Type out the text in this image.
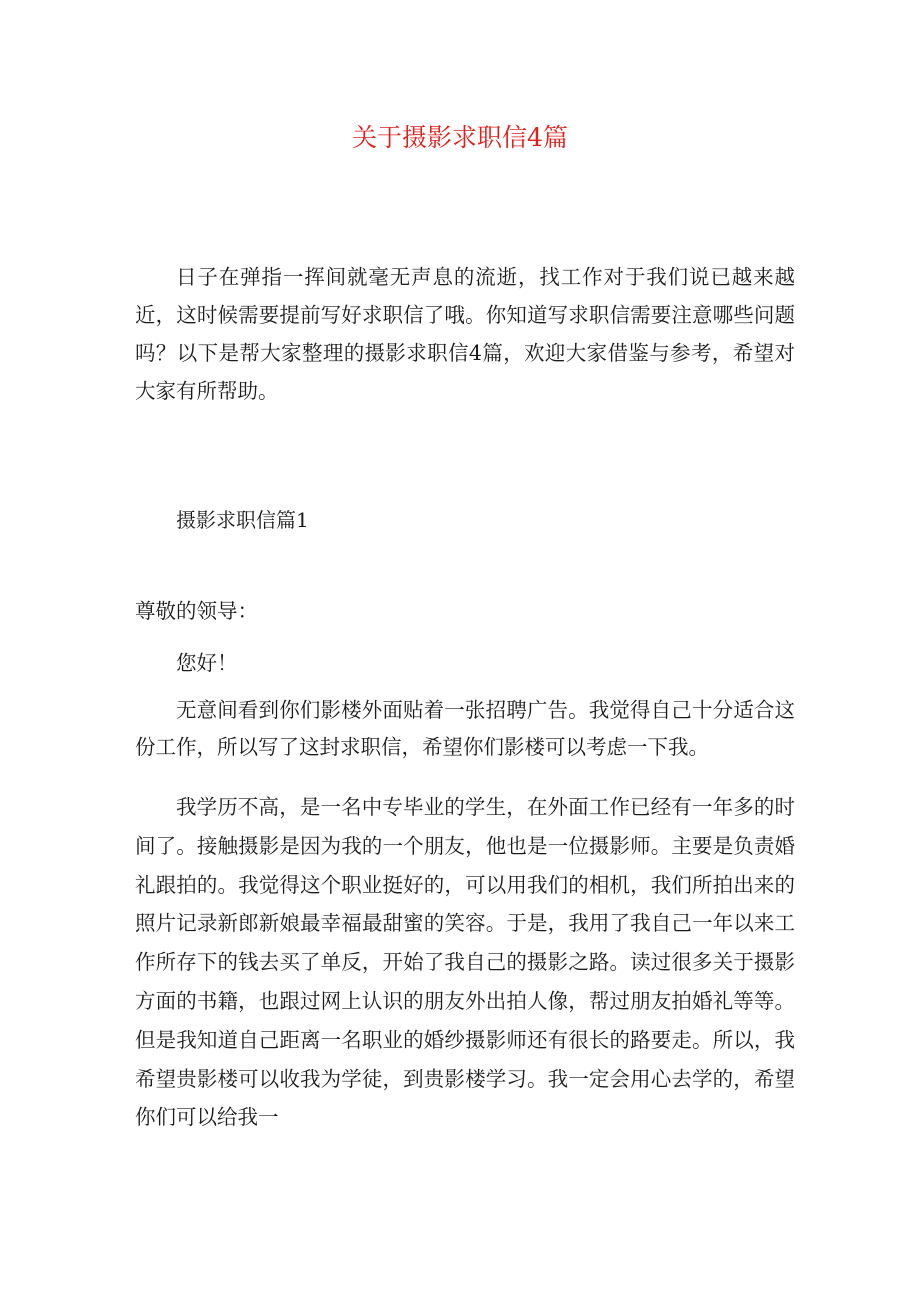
关于摄影求职信4篇

日子在弹指一挥间就毫无声息的流逝，找工作对于我们说已越来越近，这时候需要提前写好求职信了哦。你知道写求职信需要注意哪些问题吗？以下是帮大家整理的摄影求职信4篇，欢迎大家借鉴与参考，希望对大家有所帮助。

摄影求职信篇1

尊敬的领导：

您好！

无意间看到你们影楼外面贴着一张招聘广告。我觉得自己十分适合这份工作，所以写了这封求职信，希望你们影楼可以考虑一下我。

我学历不高，是一名中专毕业的学生，在外面工作已经有一年多的时间了。接触摄影是因为我的一个朋友，他也是一位摄影师。主要是负责婚礼跟拍的。我觉得这个职业挺好的，可以用我们的相机，我们所拍出来的照片记录新郎新娘最幸福最甜蜜的笑容。于是，我用了我自己一年以来工作所存下的钱去买了单反，开始了我自己的摄影之路。读过很多关于摄影方面的书籍，也跟过网上认识的朋友外出拍人像，帮过朋友拍婚礼等等。但是我知道自己距离一名职业的婚纱摄影师还有很长的路要走。所以，我希望贵影楼可以收我为学徒，到贵影楼学习。我一定会用心去学的，希望你们可以给我一
